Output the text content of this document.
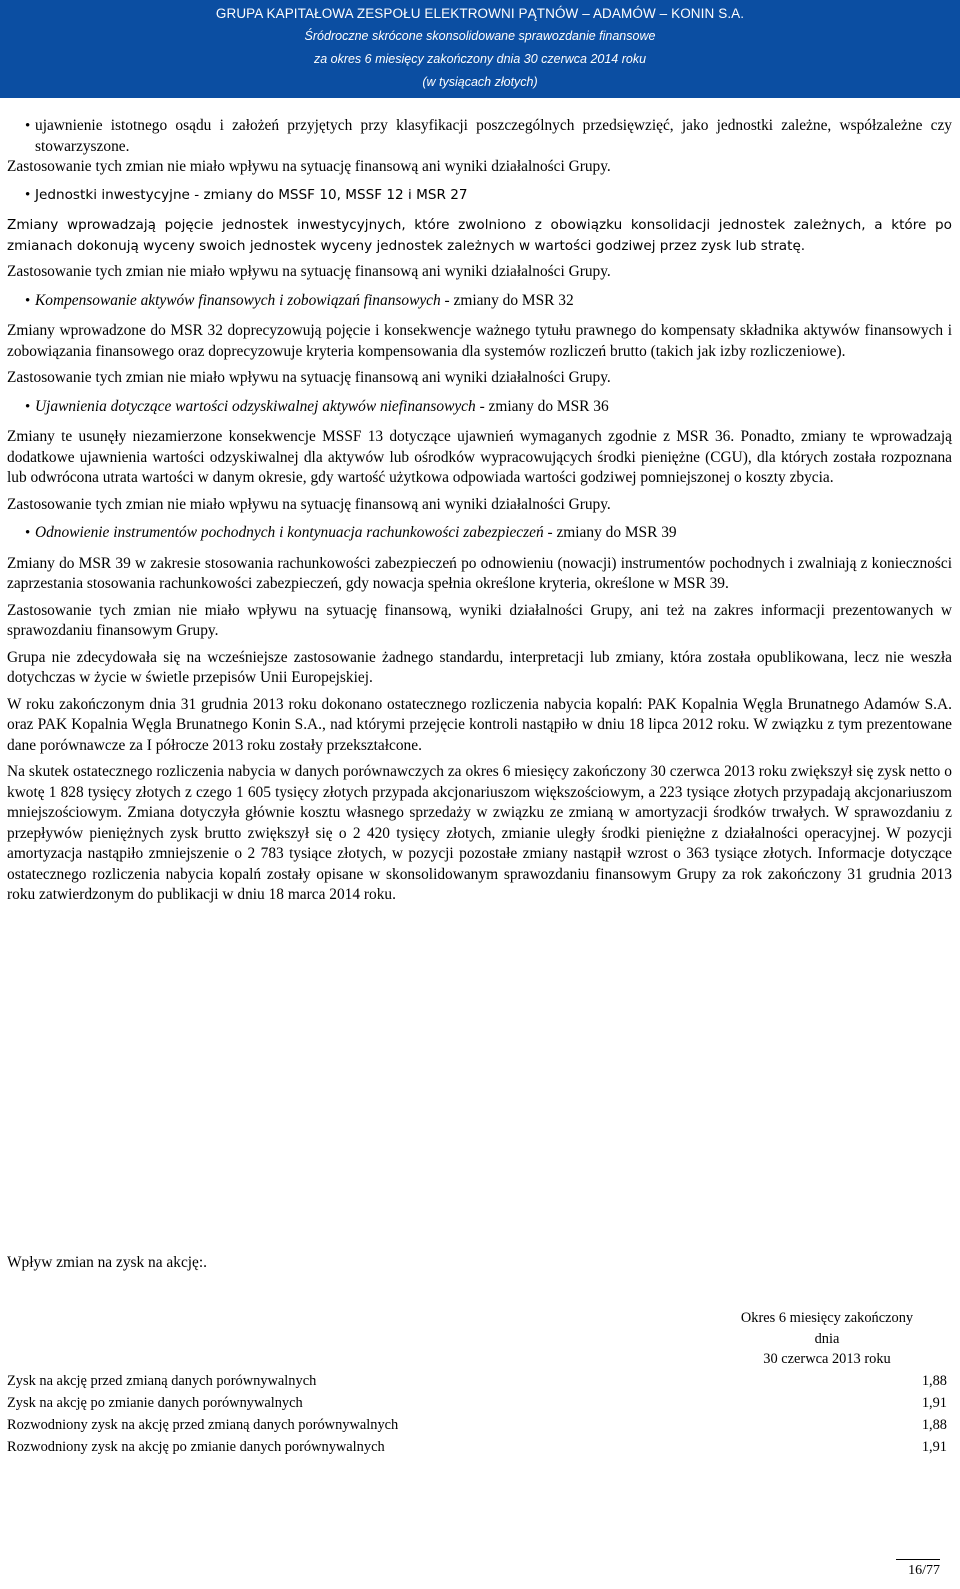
GRUPA KAPITAŁOWA ZESPOŁU ELEKTROWNI PĄTNÓW – ADAMÓW – KONIN S.A.
Śródroczne skrócone skonsolidowane sprawozdanie finansowe
za okres 6 miesięcy zakończony dnia 30 czerwca 2014 roku
(w tysiącach złotych)
• ujawnienie istotnego osądu i założeń przyjętych przy klasyfikacji poszczególnych przedsięwzięć, jako jednostki zależne, współzależne czy stowarzyszone.
Zastosowanie tych zmian nie miało wpływu na sytuację finansową ani wyniki działalności Grupy.
• Jednostki inwestycyjne - zmiany do MSSF 10, MSSF 12 i MSR 27
Zmiany wprowadzają pojęcie jednostek inwestycyjnych, które zwolniono z obowiązku konsolidacji jednostek zależnych, a które po zmianach dokonują wyceny swoich jednostek wyceny jednostek zależnych w wartości godziwej przez zysk lub stratę.
Zastosowanie tych zmian nie miało wpływu na sytuację finansową ani wyniki działalności Grupy.
• Kompensowanie aktywów finansowych i zobowiązań finansowych - zmiany do MSR 32
Zmiany wprowadzone do MSR 32 doprecyzowują pojęcie i konsekwencje ważnego tytułu prawnego do kompensaty składnika aktywów finansowych i zobowiązania finansowego oraz doprecyzowuje kryteria kompensowania dla systemów rozliczeń brutto (takich jak izby rozliczeniowe).
Zastosowanie tych zmian nie miało wpływu na sytuację finansową ani wyniki działalności Grupy.
• Ujawnienia dotyczące wartości odzyskiwalnej aktywów niefinansowych - zmiany do MSR 36
Zmiany te usunęły niezamierzone konsekwencje MSSF 13 dotyczące ujawnień wymaganych zgodnie z MSR 36. Ponadto, zmiany te wprowadzają dodatkowe ujawnienia wartości odzyskiwalnej dla aktywów lub ośrodków wypracowujących środki pieniężne (CGU), dla których została rozpoznana lub odwrócona utrata wartości w danym okresie, gdy wartość użytkowa odpowiada wartości godziwej pomniejszonej o koszty zbycia.
Zastosowanie tych zmian nie miało wpływu na sytuację finansową ani wyniki działalności Grupy.
• Odnowienie instrumentów pochodnych i kontynuacja rachunkowości zabezpieczeń - zmiany do MSR 39
Zmiany do MSR 39 w zakresie stosowania rachunkowości zabezpieczeń po odnowieniu (nowacji) instrumentów pochodnych i zwalniają z konieczności zaprzestania stosowania rachunkowości zabezpieczeń, gdy nowacja spełnia określone kryteria, określone w MSR 39.
Zastosowanie tych zmian nie miało wpływu na sytuację finansową, wyniki działalności Grupy, ani też na zakres informacji prezentowanych w sprawozdaniu finansowym Grupy.
Grupa nie zdecydowała się na wcześniejsze zastosowanie żadnego standardu, interpretacji lub zmiany, która została opublikowana, lecz nie weszła dotychczas w życie w świetle przepisów Unii Europejskiej.
W roku zakończonym dnia 31 grudnia 2013 roku dokonano ostatecznego rozliczenia nabycia kopalń: PAK Kopalnia Węgla Brunatnego Adamów S.A. oraz PAK Kopalnia Węgla Brunatnego Konin S.A., nad którymi przejęcie kontroli nastąpiło w dniu 18 lipca 2012 roku. W związku z tym prezentowane dane porównawcze za I półrocze 2013 roku zostały przekształcone.
Na skutek ostatecznego rozliczenia nabycia w danych porównawczych za okres 6 miesięcy zakończony 30 czerwca 2013 roku zwiększył się zysk netto o kwotę 1 828 tysięcy złotych z czego 1 605 tysięcy złotych przypada akcjonariuszom większościowym, a 223 tysiące złotych przypadają akcjonariuszom mniejszościowym. Zmiana dotyczyła głównie kosztu własnego sprzedaży w związku ze zmianą w amortyzacji środków trwałych. W sprawozdaniu z przepływów pieniężnych zysk brutto zwiększył się o 2 420 tysięcy złotych, zmianie uległy środki pieniężne z działalności operacyjnej. W pozycji amortyzacja nastąpiło zmniejszenie o 2 783 tysiące złotych, w pozycji pozostałe zmiany nastąpił wzrost o 363 tysiące złotych. Informacje dotyczące ostatecznego rozliczenia nabycia kopalń zostały opisane w skonsolidowanym sprawozdaniu finansowym Grupy za rok zakończony 31 grudnia 2013 roku zatwierdzonym do publikacji w dniu 18 marca 2014 roku.
Wpływ zmian na zysk na akcję:.
Okres 6 miesięcy zakończony
dnia
30 czerwca 2013 roku
Zysk na akcję przed zmianą danych porównywalnych	1,88
Zysk na akcję po zmianie danych porównywalnych	1,91
Rozwodniony zysk na akcję przed zmianą danych porównywalnych	1,88
Rozwodniony zysk na akcję po zmianie danych porównywalnych	1,91
16/77
